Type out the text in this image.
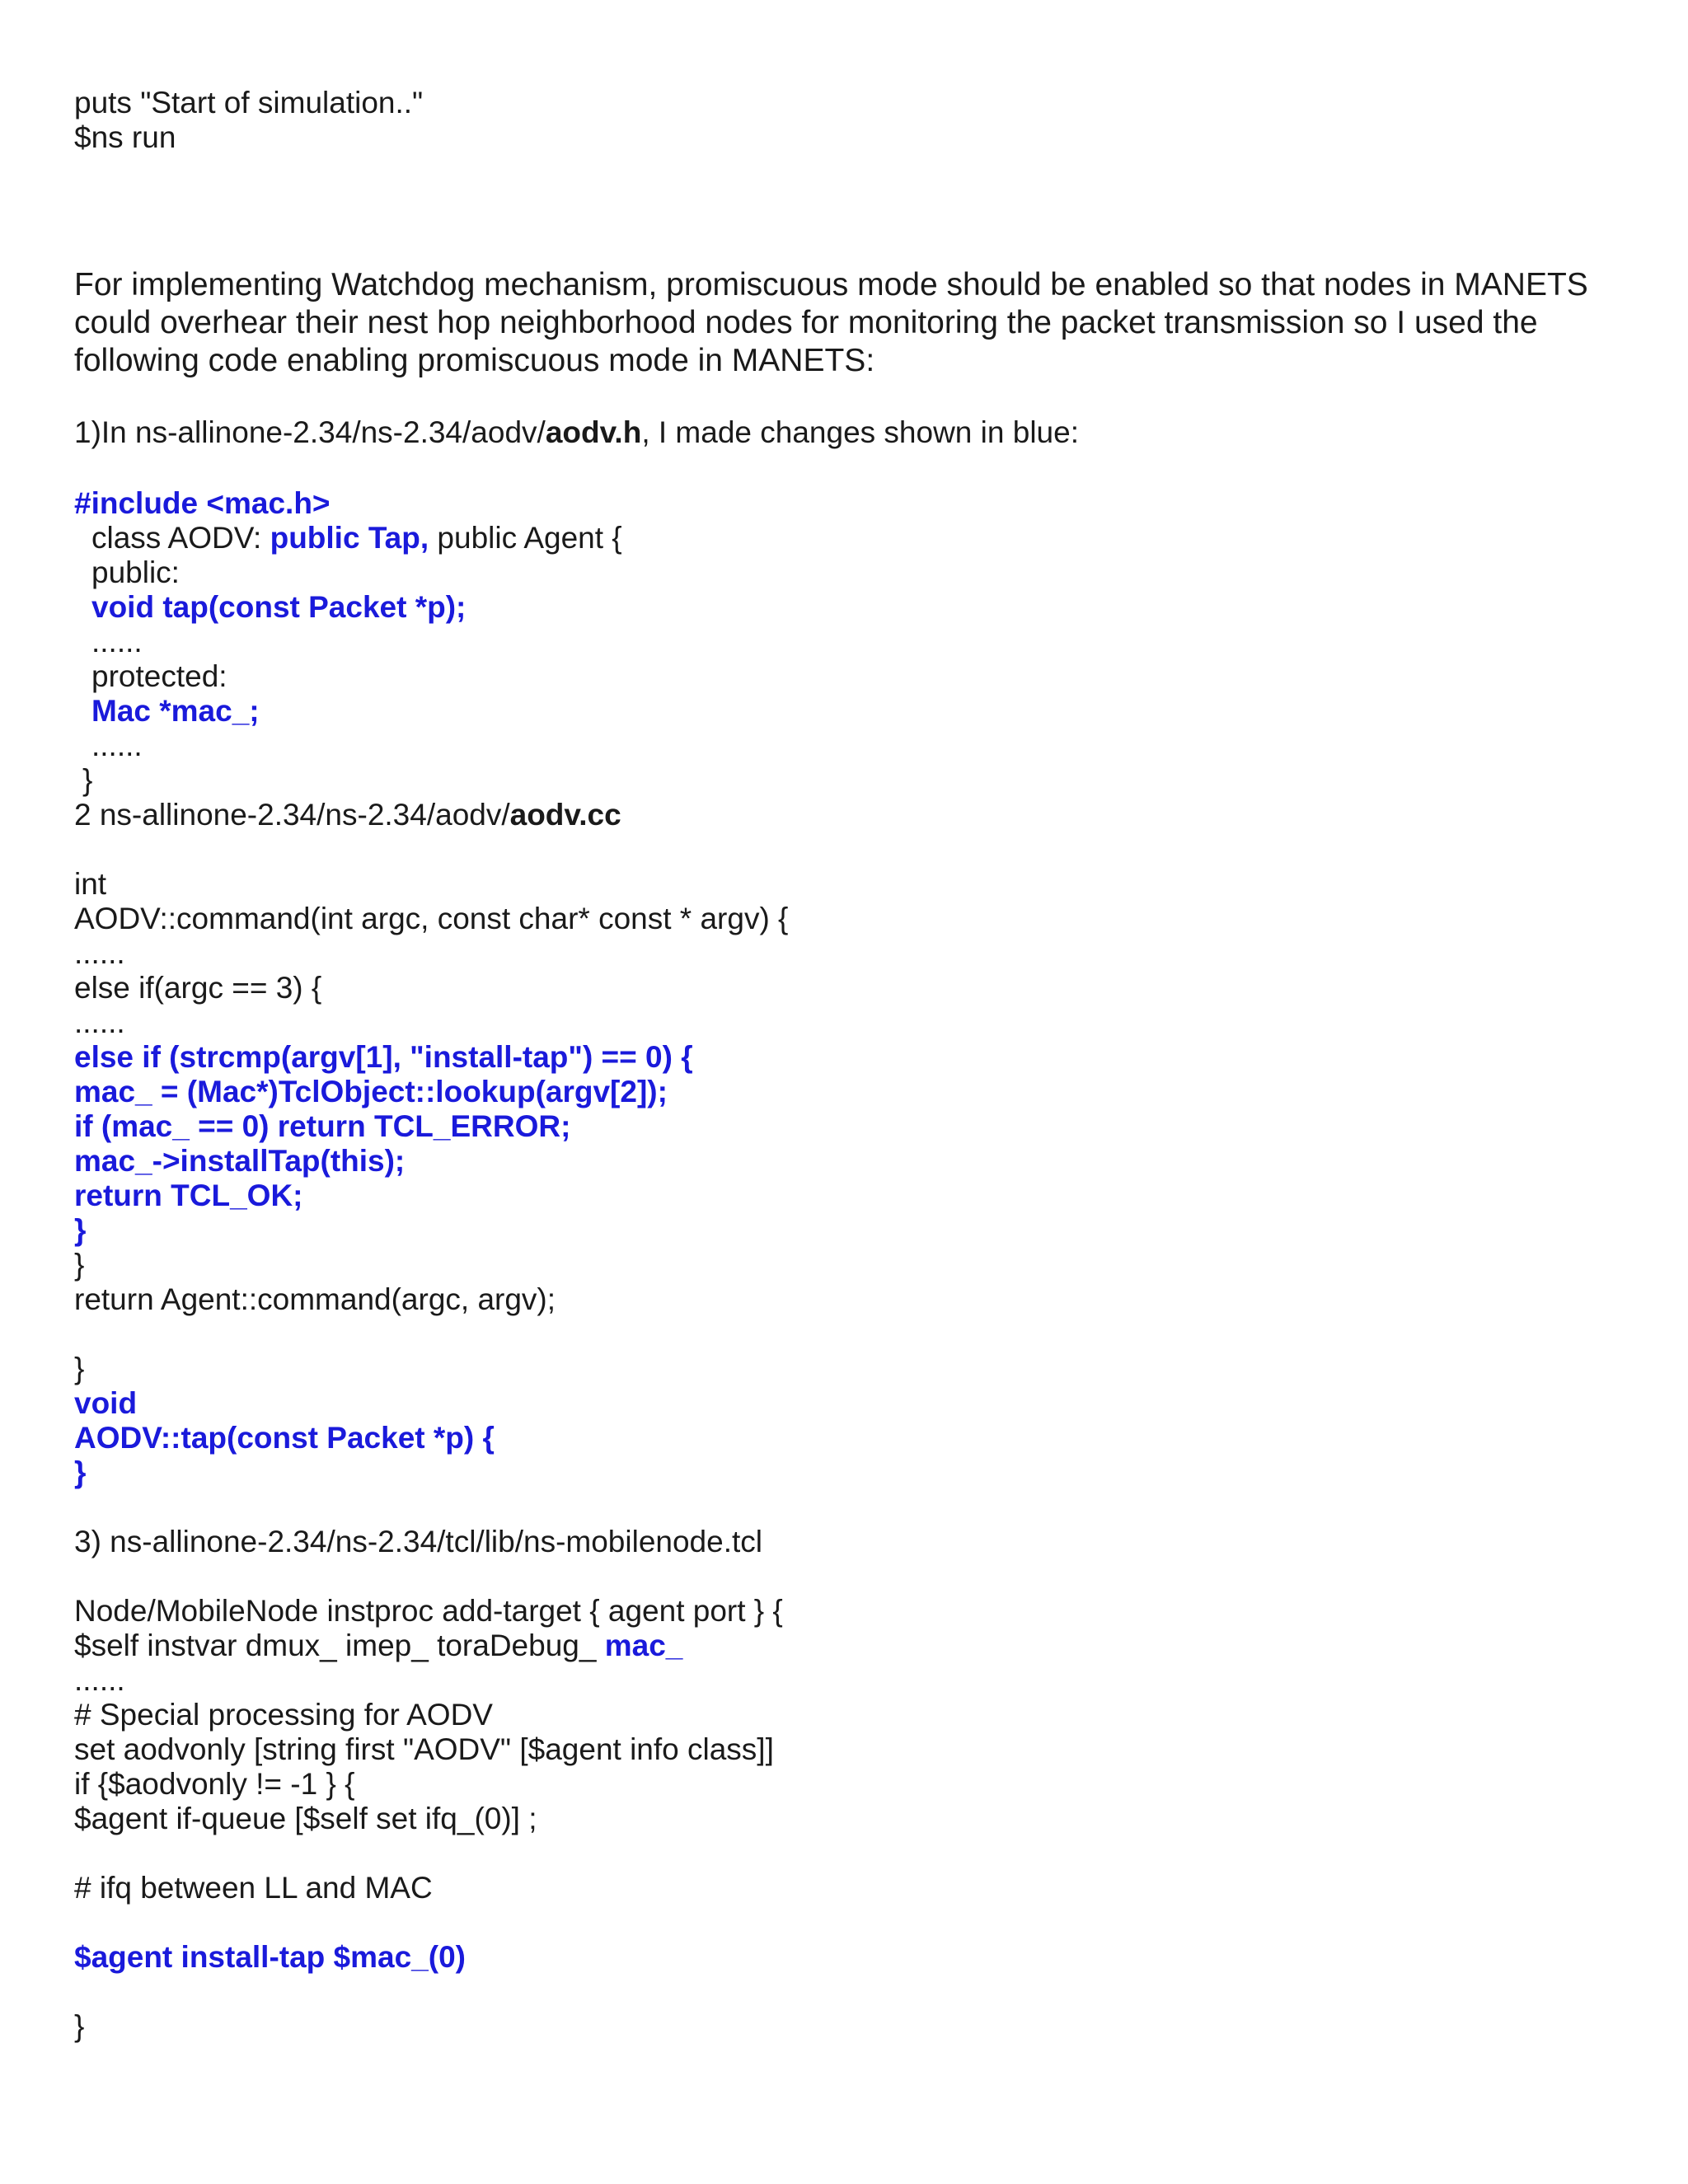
puts "Start of simulation.."

$ns run

For implementing Watchdog mechanism, promiscuous mode should be enabled so that nodes in MANETS could overhear their nest hop neighborhood nodes for monitoring the packet transmission so I used the following code enabling promiscuous mode in MANETS:

1)In ns-allinone-2.34/ns-2.34/aodv/aodv.h, I made changes shown in blue:

#include <mac.h>

class AODV: public Tap, public Agent {

public:

void tap(const Packet *p);

......

protected:

Mac *mac_;

......

}

2 ns-allinone-2.34/ns-2.34/aodv/aodv.cc

int

AODV::command(int argc, const char* const * argv) {

......

else if(argc == 3) {

......

else if (strcmp(argv[1], "install-tap") == 0) {

mac_ = (Mac*)TclObject::lookup(argv[2]);

if (mac_ == 0) return TCL_ERROR;

mac_->installTap(this);

return TCL_OK;

}

}

return Agent::command(argc, argv);

}

void

AODV::tap(const Packet *p) {

}

3) ns-allinone-2.34/ns-2.34/tcl/lib/ns-mobilenode.tcl

Node/MobileNode instproc add-target { agent port } {

$self instvar dmux_ imep_ toraDebug_ mac_

......

# Special processing for AODV

set aodvonly [string first "AODV" [$agent info class]]

if {$aodvonly != -1 } {

$agent if-queue [$self set ifq_(0)] ;

# ifq between LL and MAC

$agent install-tap $mac_(0)

}
